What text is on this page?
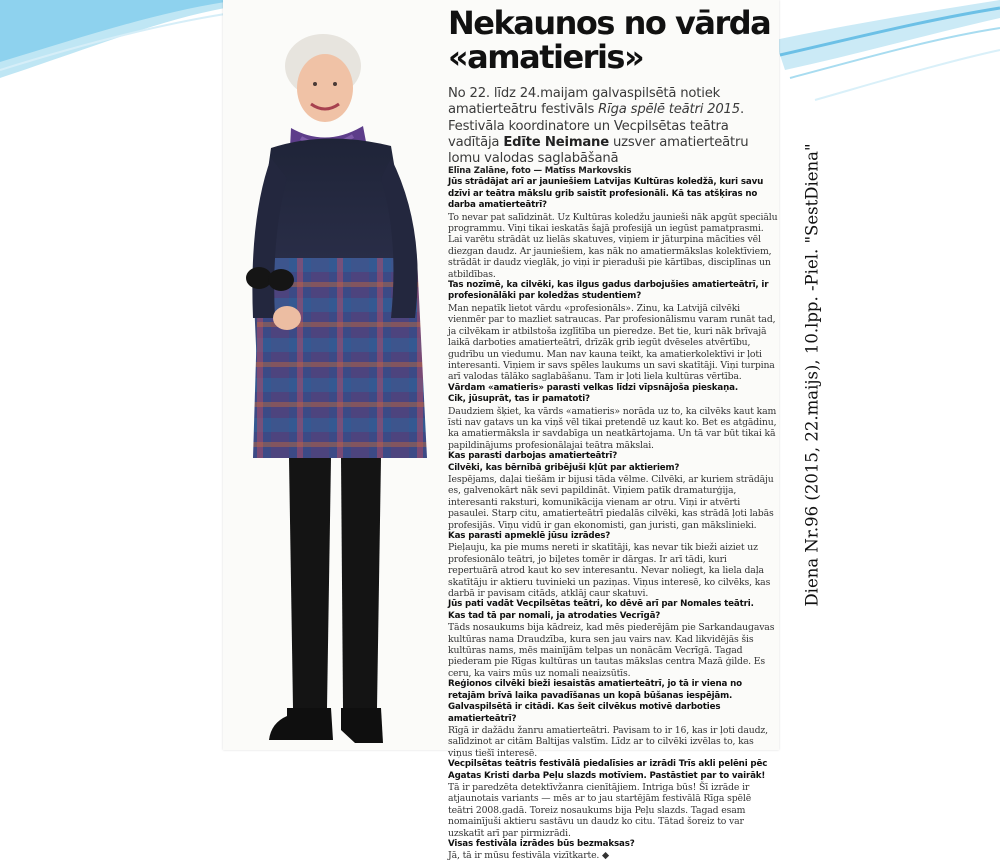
Nekaunos no vārda «amatieris»

No 22. līdz 24.maijam galvaspilsētā notiek amatierteātru festivāls Rīga spēlē teātri 2015. Festivāla koordinatore un Vecpilsētas teātra vadītāja Edīte Neimane uzsver amatierteātru lomu valodas saglabāšanā

Elīna Zalāne, foto — Matīss Markovskis

Jūs strādājat arī ar jauniešiem Latvijas Kultūras koledžā, kuri savu dzīvi ar teātra mākslu grib saistīt profesionāli. Kā tas atšķiras no darba amatierteātrī?

To nevar pat salīdzināt. Uz Kultūras koledžu jaunieši nāk apgūt speciālu programmu. Viņi tikai ieskatās šajā profesijā un iegūst pamatprasmi. Lai varētu strādāt uz lielās skatuves, viņiem ir jāturpina mācīties vēl diezgan daudz. Ar jauniešiem, kas nāk no amatiermākslas kolektīviem, strādāt ir daudz vieglāk, jo viņi ir pieraduši pie kārtības, disciplīnas un atbildības.

Tas nozīmē, ka cilvēki, kas ilgus gadus darbojušies amatierteātrī, ir profesionālāki par koledžas studentiem?

Man nepatīk lietot vārdu «profesionāls». Zinu, ka Latvijā cilvēki vienmēr par to mazliet satraucas. Par profesionālismu varam runāt tad, ja cilvēkam ir atbilstoša izglītība un pieredze. Bet tie, kuri nāk brīvajā laikā darboties amatierteātrī, drīzāk grib iegūt dvēseles atvērtību, gudrību un viedumu. Man nav kauna teikt, ka amatierkolektīvi ir ļoti interesanti. Viņiem ir savs spēles laukums un savi skatītāji. Viņi turpina arī valodas tālāko saglabāšanu. Tam ir ļoti liela kultūras vērtība.

Vārdam «amatieris» parasti velkas līdzi vīpsnājoša pieskaņa.

Cik, jūsuprāt, tas ir pamatoti?

Daudziem šķiet, ka vārds «amatieris» norāda uz to, ka cilvēks kaut kam īsti nav gatavs un ka viņš vēl tikai pretendē uz kaut ko. Bet es atgādinu, ka amatiermāksla ir savdabīga un neatkārtojama. Un tā var būt tikai kā papildinājums profesionālajai teātra mākslai.

Kas parasti darbojas amatierteātrī?

Cilvēki, kas bērnībā gribējuši kļūt par aktieriem?

Iespējams, daļai tiešām ir bijusi tāda vēlme. Cilvēki, ar kuriem strādāju es, galvenokārt nāk sevi papildināt. Viņiem patīk dramaturģija, interesanti raksturi, komunikācija vienam ar otru. Viņi ir atvērti pasaulei. Starp citu, amatierteātrī piedalās cilvēki, kas strādā ļoti labās profesijās. Viņu vidū ir gan ekonomisti, gan juristi, gan mākslinieki.

Kas parasti apmeklē jūsu izrādes?

Pieļauju, ka pie mums nereti ir skatītāji, kas nevar tik bieži aiziet uz profesionālo teātri, jo biļetes tomēr ir dārgas. Ir arī tādi, kuri repertuārā atrod kaut ko sev interesantu. Nevar noliegt, ka liela daļa skatītāju ir aktieru tuvinieki un paziņas. Viņus interesē, ko cilvēks, kas darbā ir pavisam citāds, atklāj caur skatuvi.

Jūs pati vadāt Vecpilsētas teātri, ko dēvē arī par Nomales teātri.

Kas tad tā par nomali, ja atrodaties Vecrīgā?

Tāds nosaukums bija kādreiz, kad mēs piederējām pie Sarkandaugavas kultūras nama Draudzība, kura sen jau vairs nav. Kad likvidējās šis kultūras nams, mēs mainījām telpas un nonācām Vecrīgā. Tagad piederam pie Rīgas kultūras un tautas mākslas centra Mazā ģilde. Es ceru, ka vairs mūs uz nomali neaizsūtīs.

Reģionos cilvēki bieži iesaistās amatierteātrī, jo tā ir viena no retajām brīvā laika pavadīšanas un kopā būšanas iespējām. Galvaspilsētā ir citādi. Kas šeit cilvēkus motivē darboties amatierteātrī?

Rīgā ir dažādu žanru amatierteātri. Pavisam to ir 16, kas ir ļoti daudz, salīdzinot ar citām Baltijas valstīm. Līdz ar to cilvēki izvēlas to, kas viņus tiešī interesē.

Vecpilsētas teātris festivālā piedalīsies ar izrādi Trīs akli pelēni pēc Agatas Kristi darba Peļu slazds motīviem. Pastāstiet par to vairāk!

Tā ir paredzēta detektīvžanra cienītājiem. Intriga būs! Šī izrāde ir atjaunotais variants — mēs ar to jau startējām festivālā Rīga spēlē teātri 2008.gadā. Toreiz nosaukums bija Peļu slazds. Tagad esam nomainījuši aktieru sastāvu un daudz ko citu. Tātad šoreiz to var uzskatīt arī par pirmizrādi.

Visas festivāla izrādes būs bezmaksas?

Jā, tā ir mūsu festivāla vizītkarte. ◆

Diena Nr.96 (2015, 22.maijs), 10.lpp. -Piel. "SestDiena"
